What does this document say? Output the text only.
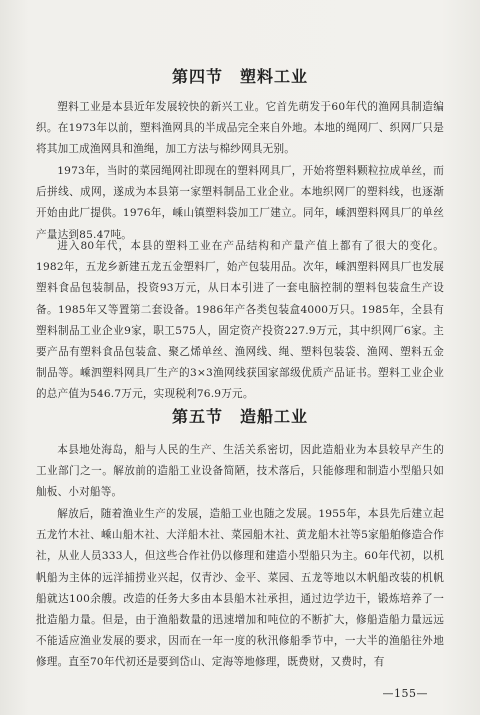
第四节　塑料工业

塑料工业是本县近年发展较快的新兴工业。它首先萌发于60年代的渔网具制造编织。在1973年以前，塑料渔网具的半成品完全来自外地。本地的绳网厂、织网厂只是将其加工成渔网具和渔绳，加工方法与棉纱网具无别。

1973年，当时的菜园绳网社即现在的塑料网具厂，开始将塑料颗粒拉成单丝，而后拼线、成网，遂成为本县第一家塑料制品工业企业。本地织网厂的塑料线，也逐渐开始由此厂提供。1976年，嵊山镇塑料袋加工厂建立。同年，嵊泗塑料网具厂的单丝产量达到85.47吨。

进入80年代，本县的塑料工业在产品结构和产量产值上都有了很大的变化。1982年，五龙乡新建五龙五金塑料厂，始产包装用品。次年，嵊泗塑料网具厂也发展塑料食品包装制品，投资93万元，从日本引进了一套电脑控制的塑料包装盒生产设备。1985年又等置第二套设备。1986年产各类包装盒4000万只。1985年，全县有塑料制品工业企业9家，职工575人，固定资产投资227.9万元，其中织网厂6家。主要产品有塑料食品包装盒、聚乙烯单丝、渔网线、绳、塑料包装袋、渔网、塑料五金制品等。嵊泗塑料网具厂生产的3×3渔网线获国家部级优质产品证书。塑料工业企业的总产值为546.7万元，实现税利76.9万元。

第五节　造船工业

本县地处海岛，船与人民的生产、生活关系密切，因此造船业为本县较早产生的工业部门之一。解放前的造船工业设备简陋，技术落后，只能修理和制造小型船只如舢板、小对船等。

解放后，随着渔业生产的发展，造船工业也随之发展。1955年，本县先后建立起五龙竹木社、嵊山船木社、大洋船木社、菜园船木社、黄龙船木社等5家船舶修造合作社，从业人员333人，但这些合作社仍以修理和建造小型船只为主。60年代初，以机帆船为主体的远洋捕捞业兴起，仅青沙、金平、菜园、五龙等地以木帆船改装的机帆船就达100余艘。改造的任务大多由本县船木社承担，通过边学边干，锻炼培养了一批造船力量。但是，由于渔船数量的迅速增加和吨位的不断扩大，修船造船力量远远不能适应渔业发展的要求，因而在一年一度的秋汛修船季节中，一大半的渔船往外地修理。直至70年代初还是要到岱山、定海等地修理，既费财，又费时，有

—155—
